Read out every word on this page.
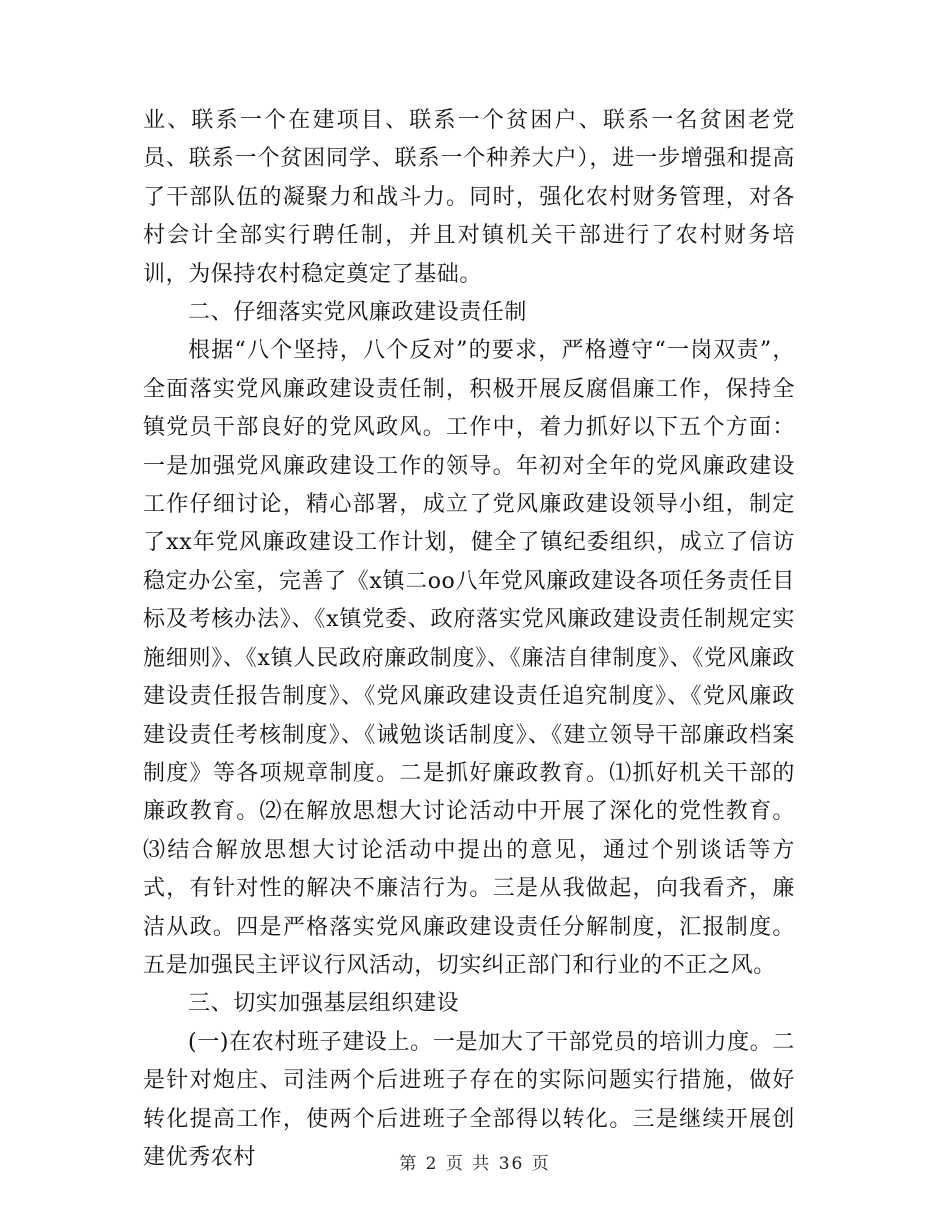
业、联系一个在建项目、联系一个贫困户、联系一名贫困老党员、联系一个贫困同学、联系一个种养大户），进一步增强和提高了干部队伍的凝聚力和战斗力。同时，强化农村财务管理，对各村会计全部实行聘任制，并且对镇机关干部进行了农村财务培训，为保持农村稳定奠定了基础。

二、仔细落实党风廉政建设责任制

根据“八个坚持，八个反对”的要求，严格遵守“一岗双责”，全面落实党风廉政建设责任制，积极开展反腐倡廉工作，保持全镇党员干部良好的党风政风。工作中，着力抓好以下五个方面：一是加强党风廉政建设工作的领导。年初对全年的党风廉政建设工作仔细讨论，精心部署，成立了党风廉政建设领导小组，制定了xx年党风廉政建设工作计划，健全了镇纪委组织，成立了信访稳定办公室，完善了《x镇二oo八年党风廉政建设各项任务责任目标及考核办法》、《x镇党委、政府落实党风廉政建设责任制规定实施细则》、《x镇人民政府廉政制度》、《廉洁自律制度》、《党风廉政建设责任报告制度》、《党风廉政建设责任追究制度》、《党风廉政建设责任考核制度》、《诫勉谈话制度》、《建立领导干部廉政档案制度》等各项规章制度。二是抓好廉政教育。⑴抓好机关干部的廉政教育。⑵在解放思想大讨论活动中开展了深化的党性教育。⑶结合解放思想大讨论活动中提出的意见，通过个别谈话等方式，有针对性的解决不廉洁行为。三是从我做起，向我看齐，廉洁从政。四是严格落实党风廉政建设责任分解制度，汇报制度。五是加强民主评议行风活动，切实纠正部门和行业的不正之风。

三、切实加强基层组织建设

(一)在农村班子建设上。一是加大了干部党员的培训力度。二是针对炮庄、司洼两个后进班子存在的实际问题实行措施，做好转化提高工作，使两个后进班子全部得以转化。三是继续开展创建优秀农村	第 2 页 共 36 页
